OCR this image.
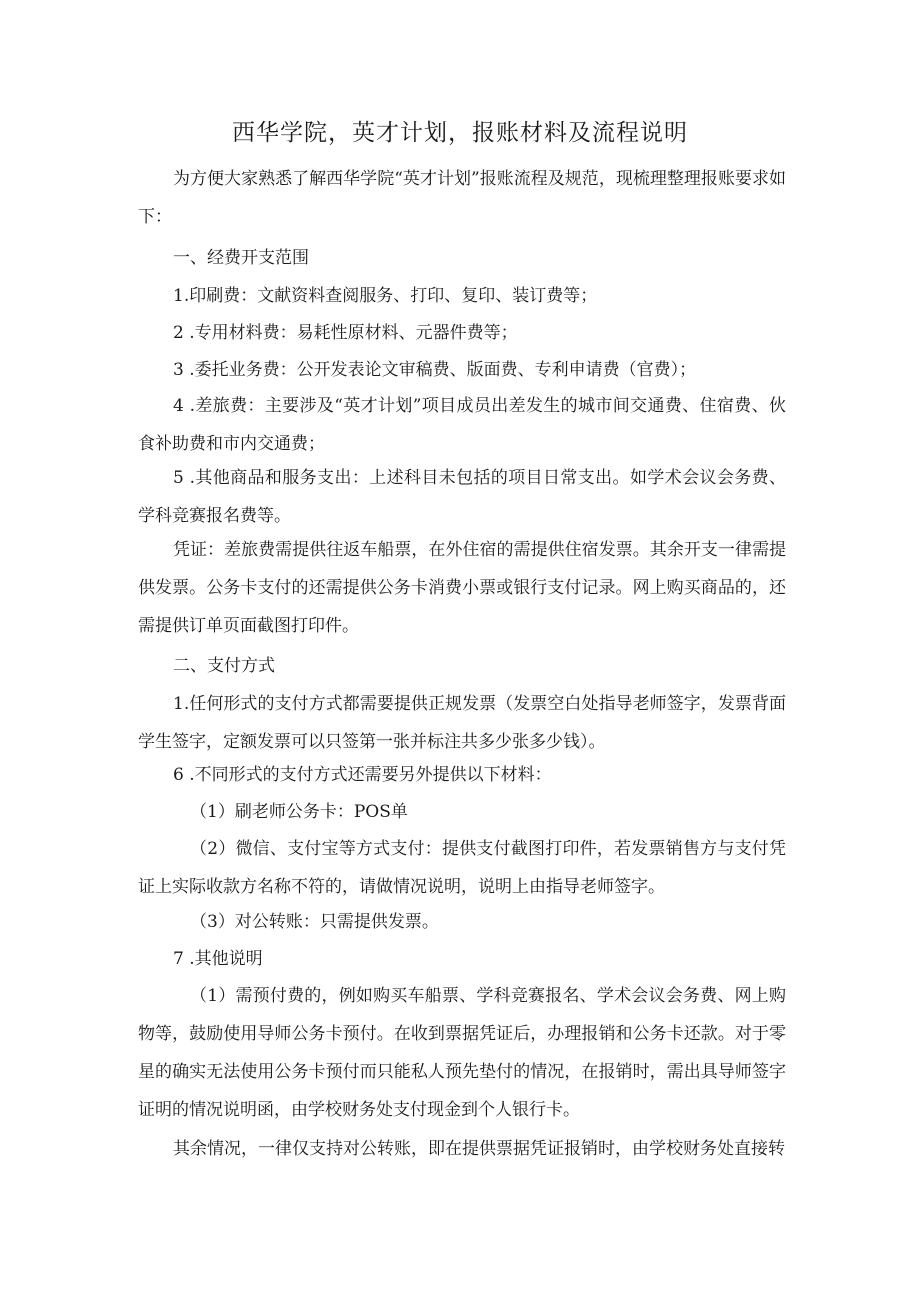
西华学院，英才计划，报账材料及流程说明

为方便大家熟悉了解西华学院“英才计划”报账流程及规范，现梳理整理报账要求如下：

一、经费开支范围

1.印刷费：文献资料查阅服务、打印、复印、装订费等；

2 .专用材料费：易耗性原材料、元器件费等；

3 .委托业务费：公开发表论文审稿费、版面费、专利申请费（官费）；

4 .差旅费：主要涉及“英才计划”项目成员出差发生的城市间交通费、住宿费、伙食补助费和市内交通费；

5 .其他商品和服务支出：上述科目未包括的项目日常支出。如学术会议会务费、学科竞赛报名费等。

凭证：差旅费需提供往返车船票，在外住宿的需提供住宿发票。其余开支一律需提供发票。公务卡支付的还需提供公务卡消费小票或银行支付记录。网上购买商品的，还需提供订单页面截图打印件。

二、支付方式

1.任何形式的支付方式都需要提供正规发票（发票空白处指导老师签字，发票背面学生签字，定额发票可以只签第一张并标注共多少张多少钱）。

6 .不同形式的支付方式还需要另外提供以下材料：

（1）刷老师公务卡：POS单

（2）微信、支付宝等方式支付：提供支付截图打印件，若发票销售方与支付凭证上实际收款方名称不符的，请做情况说明，说明上由指导老师签字。

（3）对公转账：只需提供发票。

7 .其他说明

（1）需预付费的，例如购买车船票、学科竞赛报名、学术会议会务费、网上购物等，鼓励使用导师公务卡预付。在收到票据凭证后，办理报销和公务卡还款。对于零星的确实无法使用公务卡预付而只能私人预先垫付的情况，在报销时，需出具导师签字证明的情况说明函，由学校财务处支付现金到个人银行卡。

其余情况，一律仅支持对公转账，即在提供票据凭证报销时，由学校财务处直接转
